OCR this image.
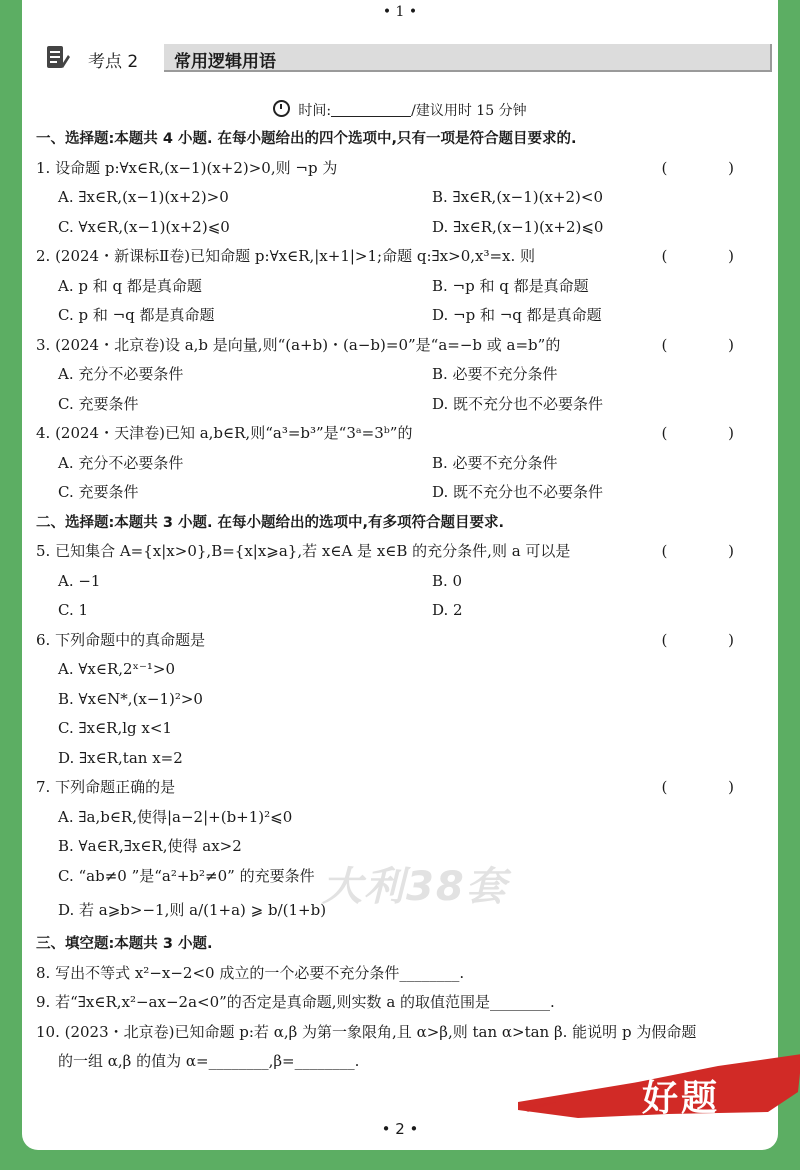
• 1 •
考点 2 常用逻辑用语
时间:	/建议用时 15 分钟
一、选择题:本题共 4 小题. 在每小题给出的四个选项中,只有一项是符合题目要求的.
1. 设命题 p:∀x∈R,(x−1)(x+2)>0,则 ¬p 为	( )
A. ∃x∈R,(x−1)(x+2)>0	B. ∃x∈R,(x−1)(x+2)<0
C. ∀x∈R,(x−1)(x+2)⩽0	D. ∃x∈R,(x−1)(x+2)⩽0
2. (2024・新课标Ⅱ卷)已知命题 p:∀x∈R,|x+1|>1;命题 q:∃x>0,x³=x. 则	( )
A. p 和 q 都是真命题	B. ¬p 和 q 都是真命题
C. p 和 ¬q 都是真命题	D. ¬p 和 ¬q 都是真命题
3. (2024・北京卷)设 a,b 是向量,则“(a+b)・(a−b)=0”是“a=−b 或 a=b”的	( )
A. 充分不必要条件	B. 必要不充分条件
C. 充要条件	D. 既不充分也不必要条件
4. (2024・天津卷)已知 a,b∈R,则“a³=b³”是“3ᵃ=3ᵇ”的	( )
A. 充分不必要条件	B. 必要不充分条件
C. 充要条件	D. 既不充分也不必要条件
二、选择题:本题共 3 小题. 在每小题给出的选项中,有多项符合题目要求.
5. 已知集合 A={x|x>0},B={x|x⩾a},若 x∈A 是 x∈B 的充分条件,则 a 可以是	( )
A. −1	B. 0
C. 1	D. 2
6. 下列命题中的真命题是	( )
A. ∀x∈R,2ˣ⁻¹>0
B. ∀x∈N*,(x−1)²>0
C. ∃x∈R,lg x<1
D. ∃x∈R,tan x=2
7. 下列命题正确的是	( )
A. ∃a,b∈R,使得|a−2|+(b+1)²⩽0
B. ∀a∈R,∃x∈R,使得 ax>2
C. “ab≠0 ”是“a²+b²≠0” 的充要条件
D. 若 a⩾b>−1,则 a/(1+a) ⩾ b/(1+b)
三、填空题:本题共 3 小题.
8. 写出不等式 x²−x−2<0 成立的一个必要不充分条件________.
9. 若“∃x∈R,x²−ax−2a<0”的否定是真命题,则实数 a 的取值范围是________.
10. (2023・北京卷)已知命题 p:若 α,β 为第一象限角,且 α>β,则 tan α>tan β. 能说明 p 为假命题
的一组 α,β 的值为 α=________,β=________.
大利38套
好题
• 2 •
